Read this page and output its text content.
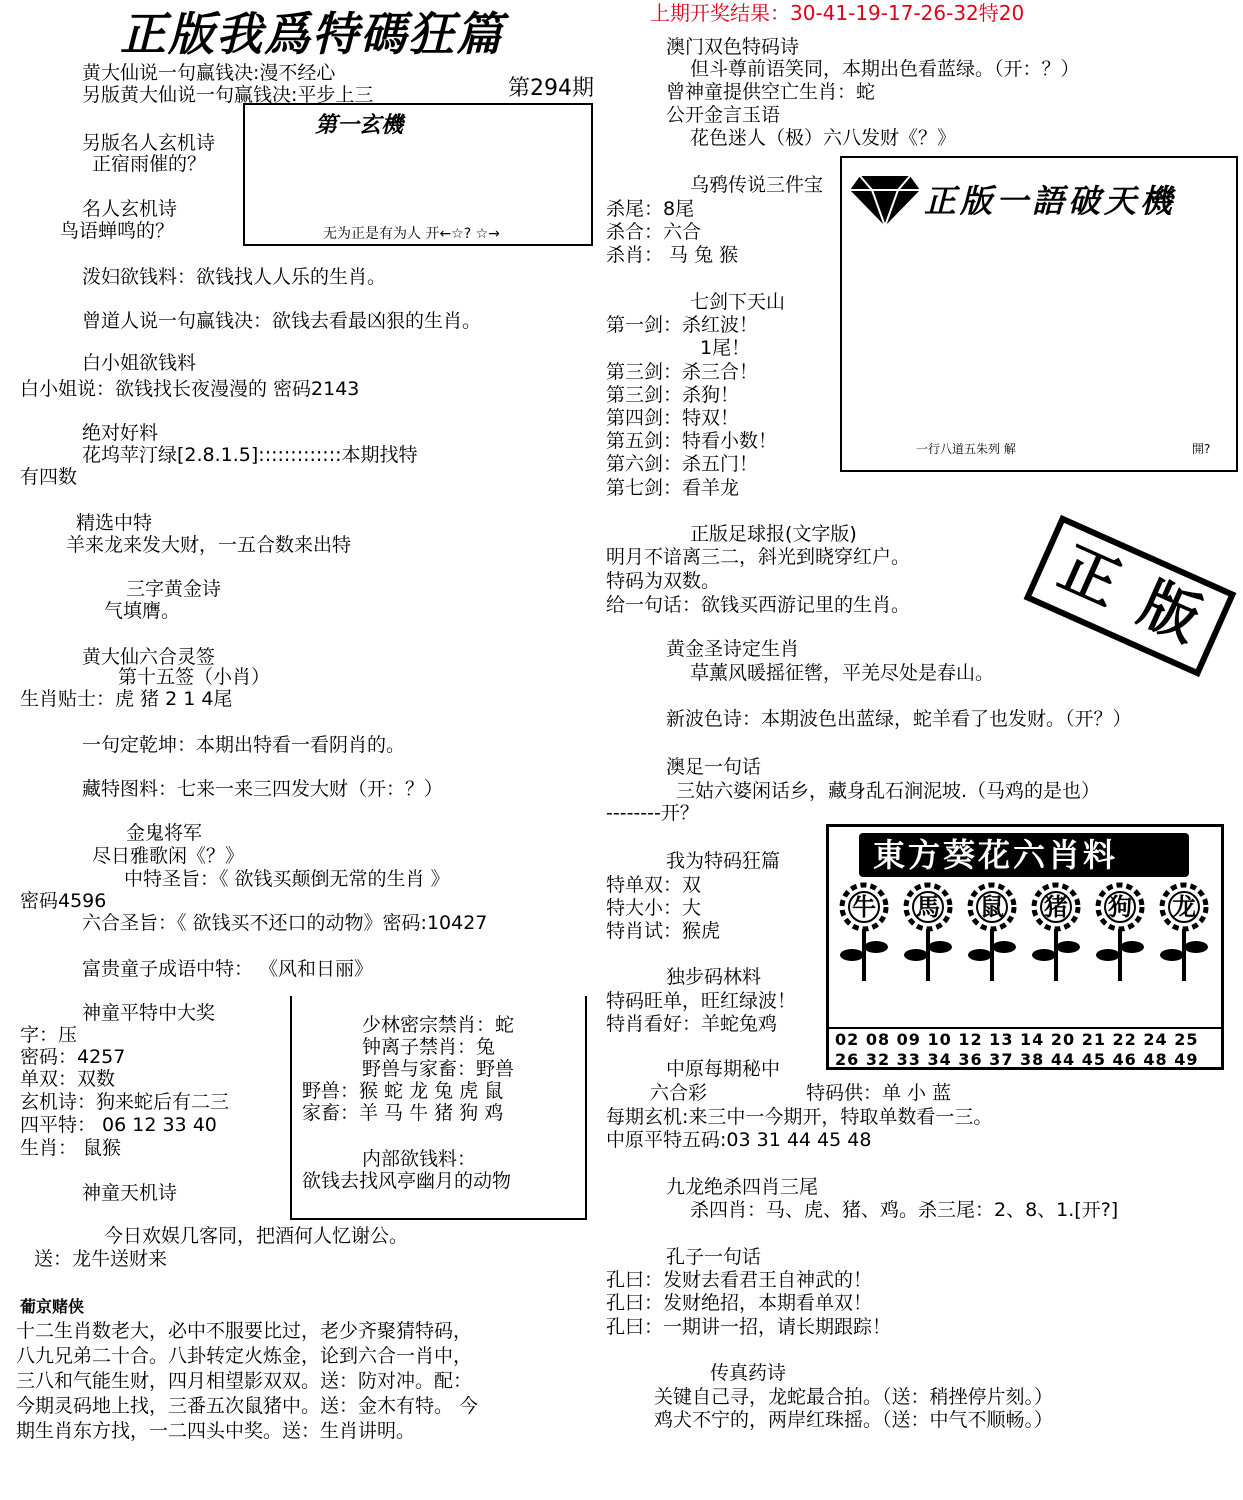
上期开奖结果：30-41-19-17-26-32特20
正版我爲特碼狂篇
第294期
黄大仙说一句赢钱决:漫不经心
另版黄大仙说一句赢钱决:平步上三
另版名人玄机诗
正宿雨催的？
名人玄机诗
鸟语蝉鸣的？
泼妇欲钱料：欲钱找人人乐的生肖。
曾道人说一句赢钱决：欲钱去看最凶狠的生肖。
白小姐欲钱料
白小姐说：欲钱找长夜漫漫的 密码2143
绝对好料
花坞苹汀绿[2.8.1.5]:::::::::::::本期找特
有四数
精选中特
羊来龙来发大财，一五合数来出特
三字黄金诗
气填膺。
黄大仙六合灵签
第十五签（小肖）
生肖贴士：虎 猪 2 1 4尾
一句定乾坤：本期出特看一看阴肖的。
藏特图料：七来一来三四发大财（开：？）
金鬼将军
尽日雅歌闲《？》
中特圣旨：《 欲钱买颠倒无常的生肖 》
密码4596
六合圣旨：《 欲钱买不还口的动物》密码:10427
富贵童子成语中特： 《风和日丽》
神童平特中大奖
字：压
密码：4257
单双：双数
玄机诗：狗来蛇后有二三
四平特： 06 12 33 40
生肖： 鼠猴
神童天机诗
今日欢娱几客同，把酒何人忆谢公。
送：龙牛送财来
葡京赌侠
十二生肖数老大，必中不服要比过，老少齐聚猜特码，
八九兄弟二十合。八卦转定火炼金，论到六合一肖中，
三八和气能生财，四月相望影双双。送：防对冲。配：
今期灵码地上找，三番五次鼠猪中。送：金木有特。 今
期生肖东方找，一二四头中奖。送：生肖讲明。
第一玄機
无为正是有为人 开←☆? ☆→
少林密宗禁肖：蛇
钟离子禁肖：兔
野兽与家畜：野兽
野兽：猴 蛇 龙 兔 虎 鼠
家畜：羊 马 牛 猪 狗 鸡
内部欲钱料：
欲钱去找风亭幽月的动物
澳门双色特码诗
但斗尊前语笑同，本期出色看蓝绿。（开：？）
曾神童提供空亡生肖：蛇
公开金言玉语
花色迷人（极）六八发财《？》
乌鸦传说三件宝
杀尾：8尾
杀合：六合
杀肖： 马 兔 猴
七剑下天山
第一剑：杀红波！
1尾！
第三剑：杀三合！
第三剑：杀狗！
第四剑：特双！
第五剑：特看小数！
第六剑：杀五门！
第七剑：看羊龙
正版足球报(文字版)
明月不谙离三二，斜光到晓穿红户。
特码为双数。
给一句话：欲钱买西游记里的生肖。
黄金圣诗定生肖
草薰风暖摇征辔，平羌尽处是春山。
新波色诗：本期波色出蓝绿，蛇羊看了也发财。（开？）
澳足一句话
三姑六婆闲话乡，藏身乱石涧泥坡.（马鸡的是也）
--------开？
我为特码狂篇
特单双：双
特大小：大
特肖试：猴虎
独步码林料
特码旺单，旺红绿波！
特肖看好：羊蛇兔鸡
中原每期秘中
六合彩	特码供：单 小 蓝
每期玄机:来三中一今期开，特取单数看一三。
中原平特五码:03 31 44 45 48
九龙绝杀四肖三尾
杀四肖：马、虎、猪、鸡。杀三尾：2、8、1.[开?]
孔子一句话
孔曰：发财去看君王自神武的！
孔曰：发财绝招，本期看单双！
孔曰：一期讲一招，请长期跟踪！
传真药诗
关键自己寻，龙蛇最合拍。（送：稍挫停片刻。）
鸡犬不宁的，两岸红珠摇。（送：中气不顺畅。）
正版一語破天機
一行八道五朱列 解	開?
正版
東方葵花六肖料
牛 馬 鼠 猪 狗 龙
02 08 09 10 12 13 14 20 21 22 24 25
26 32 33 34 36 37 38 44 45 46 48 49
